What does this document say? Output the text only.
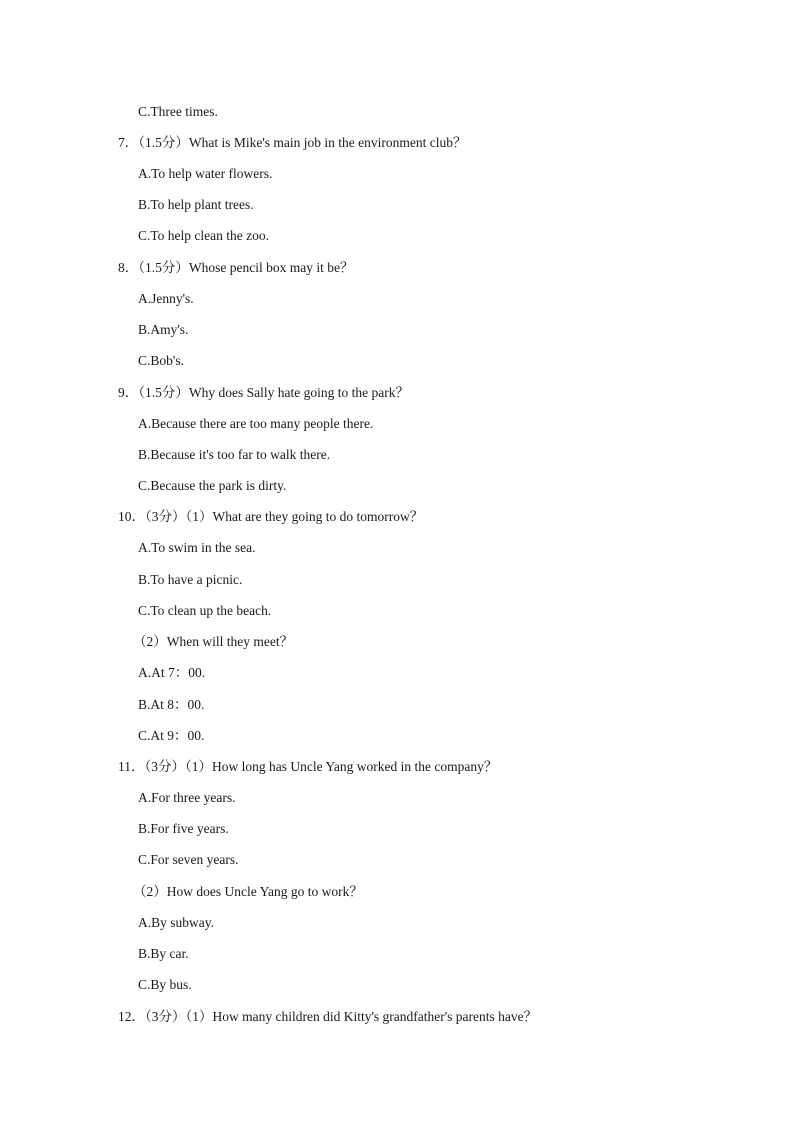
C.Three times.
7．（1.5分）What is Mike's main job in the environment club？
A.To help water flowers.
B.To help plant trees.
C.To help clean the zoo.
8．（1.5分）Whose pencil box may it be？
A.Jenny's.
B.Amy's.
C.Bob's.
9．（1.5分）Why does Sally hate going to the park？
A.Because there are too many people there.
B.Because it's too far to walk there.
C.Because the park is dirty.
10．（3分）（1）What are they going to do tomorrow？
A.To swim in the sea.
B.To have a picnic.
C.To clean up the beach.
（2）When will they meet？
A.At 7：00.
B.At 8：00.
C.At 9：00.
11．（3分）（1）How long has Uncle Yang worked in the company？
A.For three years.
B.For five years.
C.For seven years.
（2）How does Uncle Yang go to work？
A.By subway.
B.By car.
C.By bus.
12．（3分）（1）How many children did Kitty's grandfather's parents have？
